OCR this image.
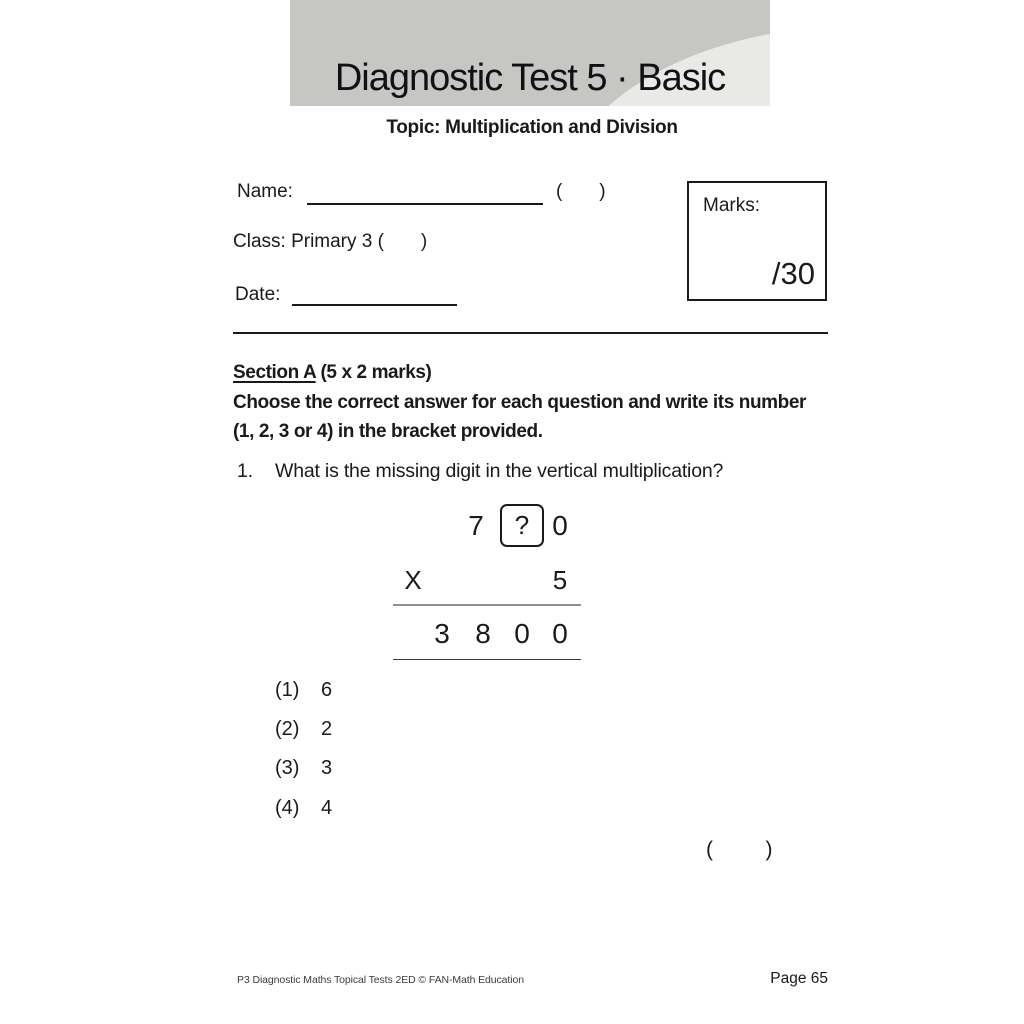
Diagnostic Test 5 · Basic
Topic: Multiplication and Division
Name:	(       )
Marks:
/30
Class: Primary 3 (       )
Date:
Section A (5 x 2 marks)
Choose the correct answer for each question and write its number
(1, 2, 3 or 4) in the bracket provided.
1. What is the missing digit in the vertical multiplication?
7 ? 0
X	5
3 8 0 0
(1)	6
(2)	2
(3)	3
(4)	4
(         )
P3 Diagnostic Maths Topical Tests 2ED © FAN-Math Education	Page 65
